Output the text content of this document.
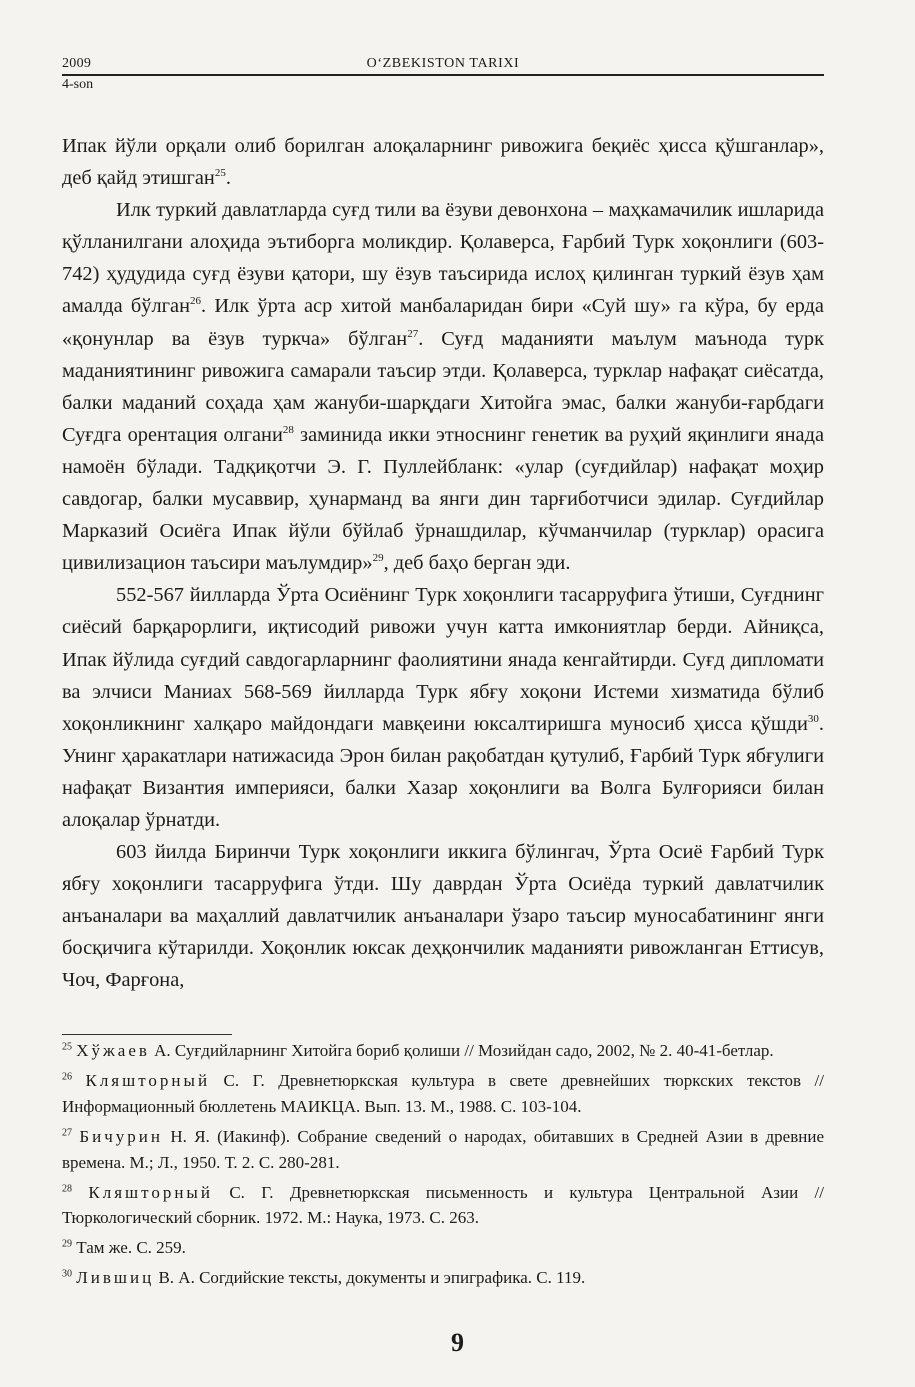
2009	O‘ZBEKISTON TARIXI
4-son

Ипак йўли орқали олиб борилган алоқаларнинг ривожига беқиёс ҳисса қўшганлар», деб қайд этишган$^{25}$.

Илк туркий давлатларда суғд тили ва ёзуви девонхона – маҳкамачилик ишларида қўлланилгани алоҳида эътиборга моликдир. Қолаверса, Ғарбий Турк хоқонлиги (603-742) ҳудудида суғд ёзуви қатори, шу ёзув таъсирида ислоҳ қилинган туркий ёзув ҳам амалда бўлган$^{26}$. Илк ўрта аср хитой манбаларидан бири «Суй шу» га кўра, бу ерда «қонунлар ва ёзув туркча» бўлган$^{27}$. Суғд маданияти маълум маънода турк маданиятининг ривожига самарали таъсир этди. Қолаверса, турклар нафақат сиёсатда, балки маданий соҳада ҳам жануби-шарқдаги Хитойга эмас, балки жануби-ғарбдаги Суғдга орентация олгани$^{28}$ заминида икки этноснинг генетик ва руҳий яқинлиги янада намоён бўлади. Тадқиқотчи Э. Г. Пуллейбланк: «улар (суғдийлар) нафақат моҳир савдогар, балки мусаввир, ҳунарманд ва янги дин тарғиботчиси эдилар. Суғдийлар Марказий Осиёга Ипак йўли бўйлаб ўрнашдилар, кўчманчилар (турклар) орасига цивилизацион таъсири маълумдир»$^{29}$, деб баҳо берган эди.

552-567 йилларда Ўрта Осиёнинг Турк хоқонлиги тасарруфига ўтиши, Суғднинг сиёсий барқарорлиги, иқтисодий ривожи учун катта имкониятлар берди. Айниқса, Ипак йўлида суғдий савдогарларнинг фаолиятини янада кенгайтирди. Суғд дипломати ва элчиси Маниах 568-569 йилларда Турк ябғу хоқони Истеми хизматида бўлиб хоқонликнинг халқаро майдондаги мавқеини юксалтиришга муносиб ҳисса қўшди$^{30}$. Унинг ҳаракатлари натижасида Эрон билан рақобатдан қутулиб, Ғарбий Турк ябғулиги нафақат Византия империяси, балки Хазар хоқонлиги ва Волга Булғорияси билан алоқалар ўрнатди.

603 йилда Биринчи Турк хоқонлиги иккига бўлингач, Ўрта Осиё Ғарбий Турк ябғу хоқонлиги тасарруфига ўтди. Шу даврдан Ўрта Осиёда туркий давлатчилик анъаналари ва маҳаллий давлатчилик анъаналари ўзаро таъсир муносабатининг янги босқичига кўтарилди. Хоқонлик юксак деҳқончилик маданияти ривожланган Еттисув, Чоч, Фарғона,

$^{25}$ Хўжаев А. Суғдийларнинг Хитойга бориб қолиши // Мозийдан садо, 2002, № 2. 40-41-бетлар.

$^{26}$ Кляшторный С. Г. Древнетюркская культура в свете древнейших тюркских текстов // Информационный бюллетень МАИКЦА. Вып. 13. М., 1988. С. 103-104.

$^{27}$ Бичурин Н. Я. (Иакинф). Собрание сведений о народах, обитавших в Средней Азии в древние времена. М.; Л., 1950. Т. 2. С. 280-281.

$^{28}$ Кляшторный С. Г. Древнетюркская письменность и культура Центральной Азии // Тюркологический сборник. 1972. М.: Наука, 1973. С. 263.

$^{29}$ Там же. С. 259.

$^{30}$ Лившиц В. А. Согдийские тексты, документы и эпиграфика. С. 119.

9
